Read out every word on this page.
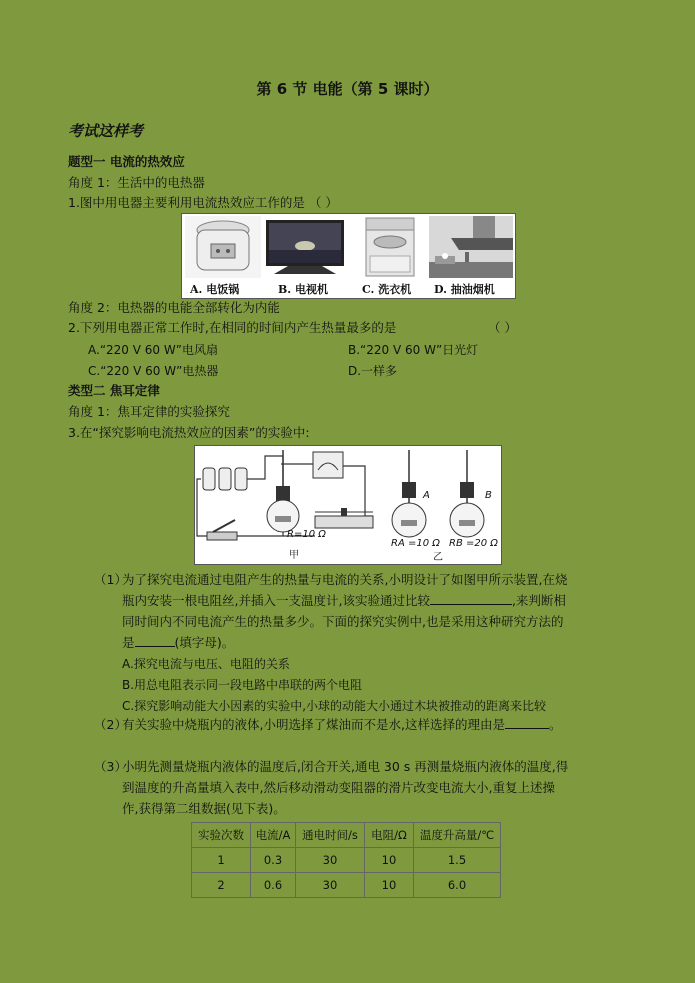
第 6 节 电能（第 5 课时）
考试这样考
题型一 电流的热效应
角度 1：生活中的电热器
1.图中用电器主要利用电流热效应工作的是 （ ）
A. 电饭锅	B. 电视机	C. 洗衣机 D. 抽油烟机
角度 2：电热器的电能全部转化为内能
2.下列用电器正常工作时,在相同的时间内产生热量最多的是	（ ）
A.“220 V 60 W”电风扇	B.“220 V 60 W”日光灯
C.“220 V 60 W”电热器	D.一样多
类型二 焦耳定律
角度 1：焦耳定律的实验探究
3.在“探究影响电流热效应的因素”的实验中:
R=10 Ω
甲	乙
A	B
RA =10 Ω RB =20 Ω
（1）
为了探究电流通过电阻产生的热量与电流的关系,小明设计了如图甲所示装置,在烧
瓶内安装一根电阻丝,并插入一支温度计,该实验通过比较	,来判断相
同时间内不同电流产生的热量多少。下面的探究实例中,也是采用这种研究方法的
是	(填字母)。
A.探究电流与电压、电阻的关系
B.用总电阻表示同一段电路中串联的两个电阻
C.探究影响动能大小因素的实验中,小球的动能大小通过木块被推动的距离来比较
（2）
有关实验中烧瓶内的液体,小明选择了煤油而不是水,这样选择的理由是	。
（3）
小明先测量烧瓶内液体的温度后,闭合开关,通电 30 s 再测量烧瓶内液体的温度,得
到温度的升高量填入表中,然后移动滑动变阻器的滑片改变电流大小,重复上述操
作,获得第二组数据(见下表)。
实验次数	电流/A	通电时间/s	电阻/Ω	温度升高量/℃
1	0.3	30	10	1.5
2	0.6	30	10	6.0
